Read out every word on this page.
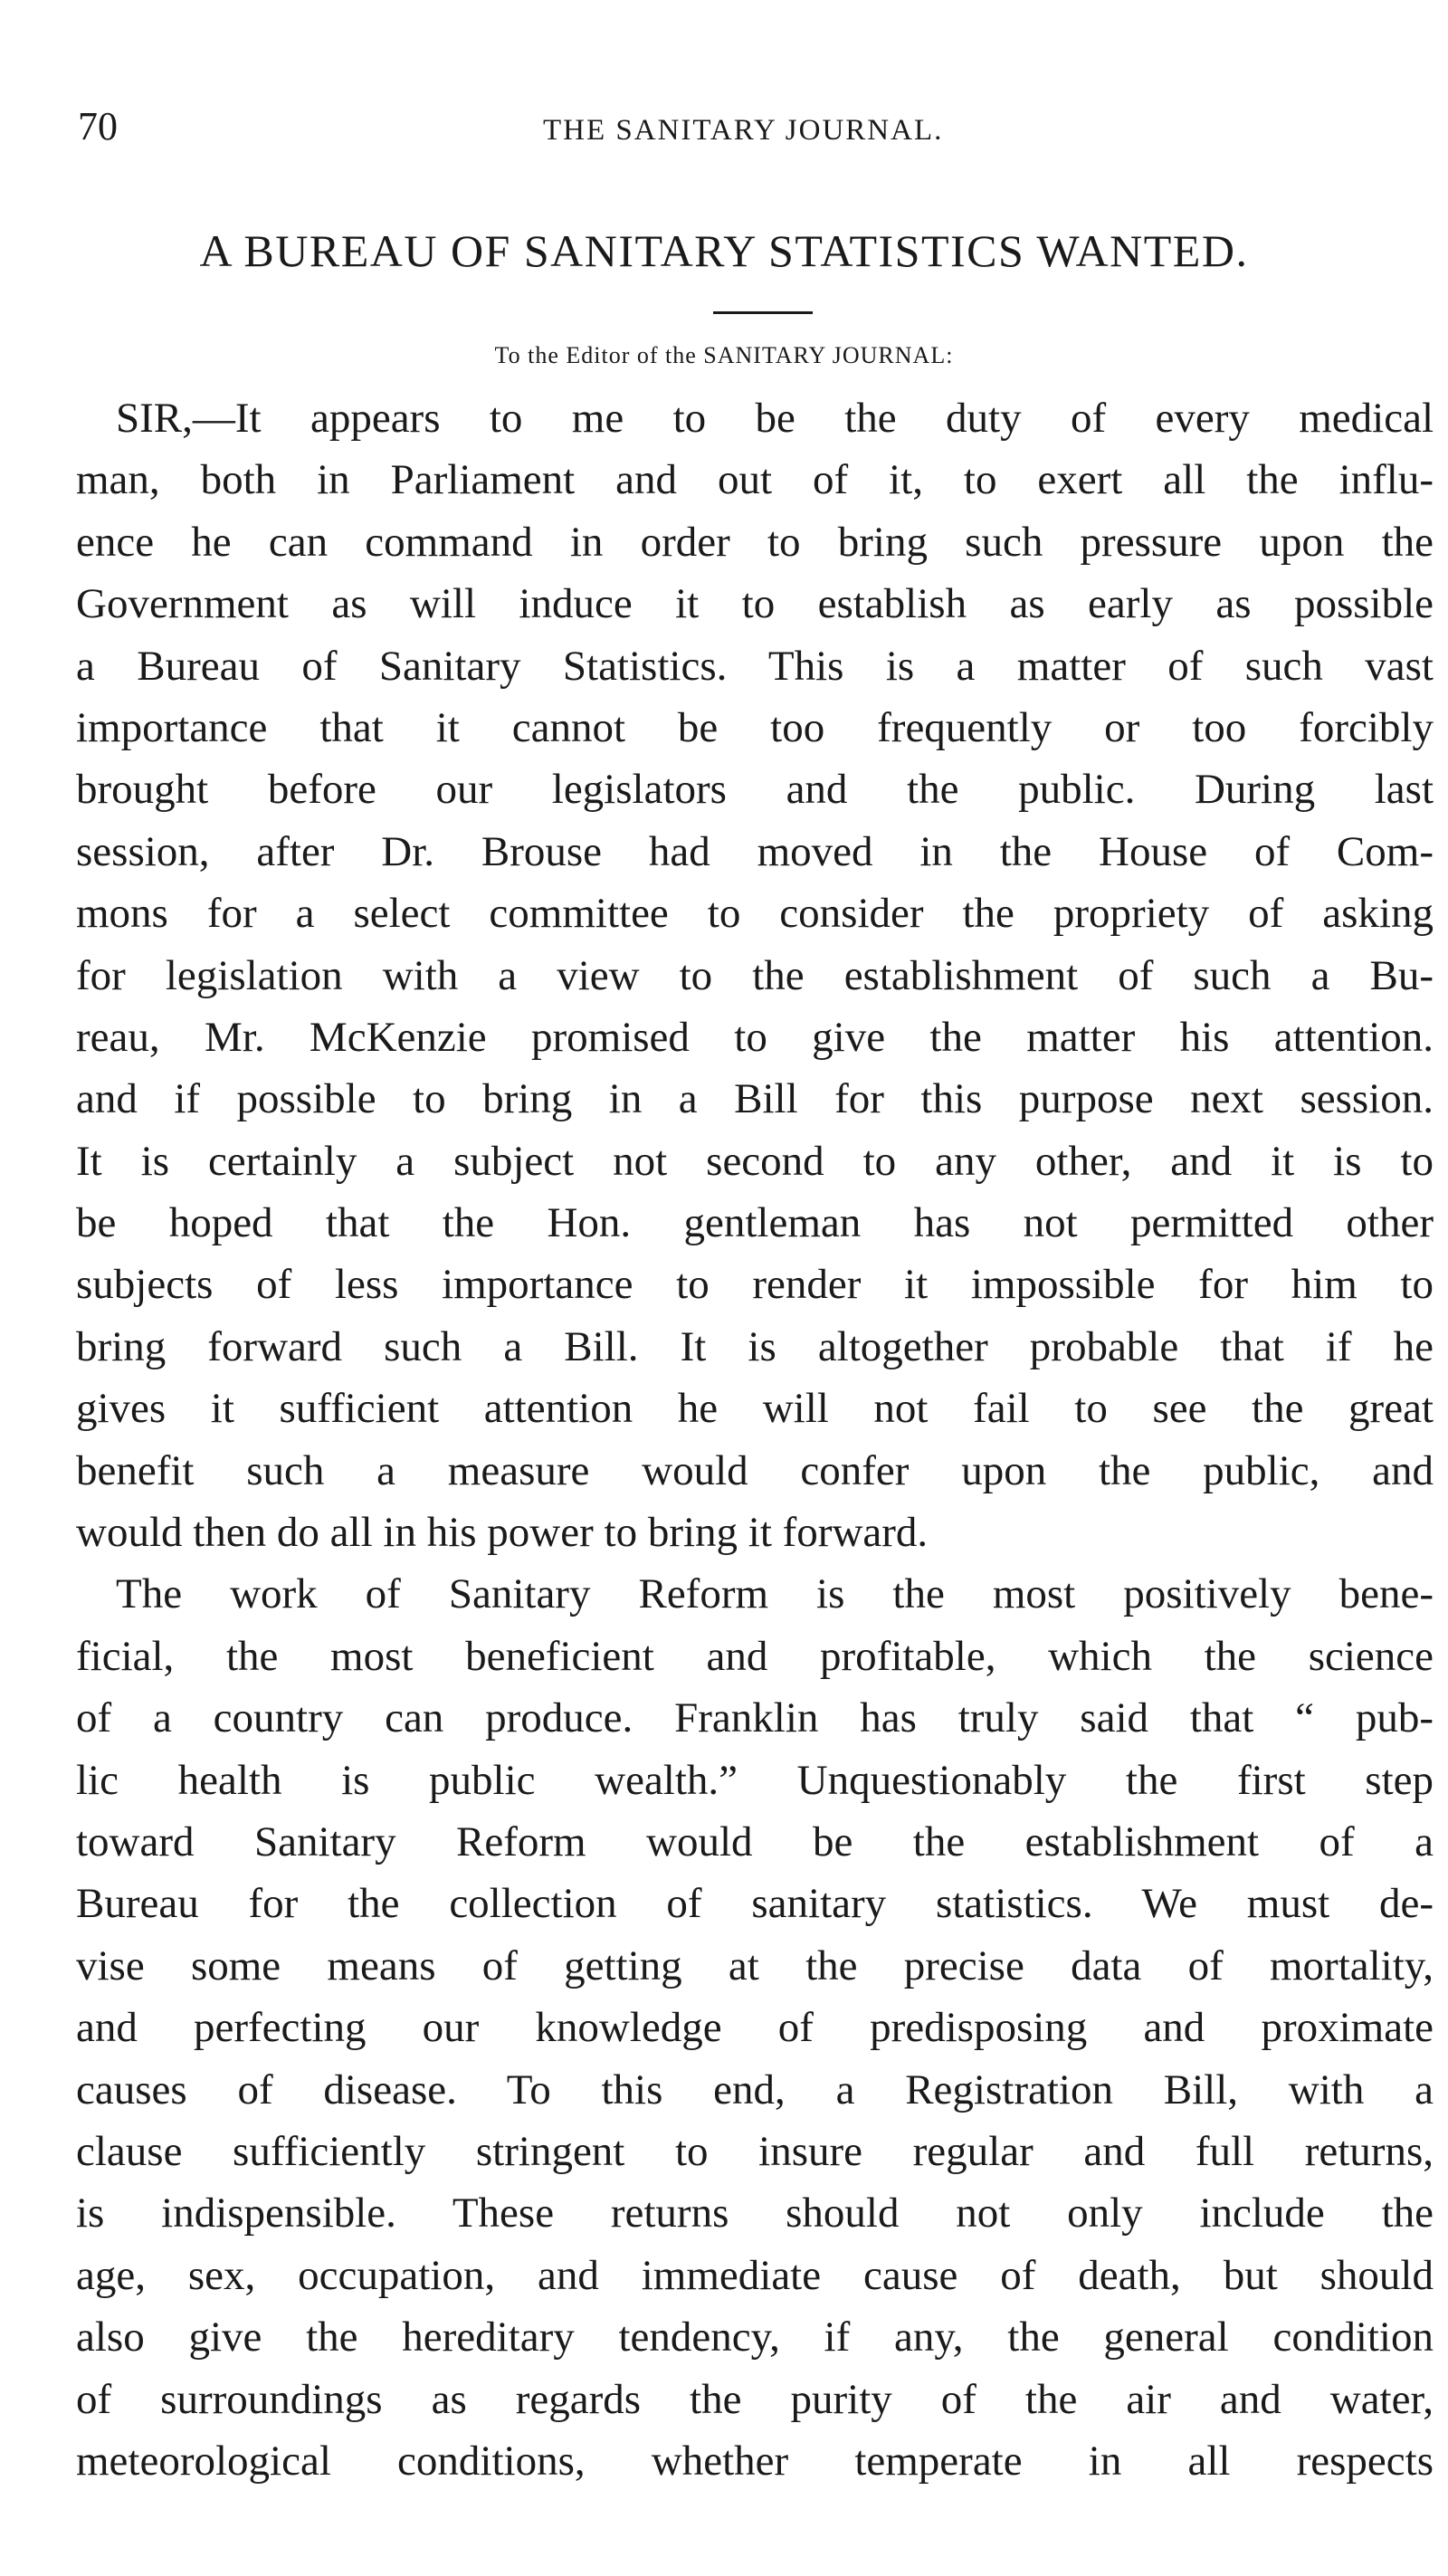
70	THE SANITARY JOURNAL.
A BUREAU OF SANITARY STATISTICS WANTED.
To the Editor of the SANITARY JOURNAL:
SIR,—It appears to me to be the duty of every medical
man, both in Parliament and out of it, to exert all the influ-
ence he can command in order to bring such pressure upon the
Government as will induce it to establish as early as possible
a Bureau of Sanitary Statistics. This is a matter of such vast
importance that it cannot be too frequently or too forcibly
brought before our legislators and the public. During last
session, after Dr. Brouse had moved in the House of Com-
mons for a select committee to consider the propriety of asking
for legislation with a view to the establishment of such a Bu-
reau, Mr. McKenzie promised to give the matter his attention.
and if possible to bring in a Bill for this purpose next session.
It is certainly a subject not second to any other, and it is to
be hoped that the Hon. gentleman has not permitted other
subjects of less importance to render it impossible for him to
bring forward such a Bill. It is altogether probable that if he
gives it sufficient attention he will not fail to see the great
benefit such a measure would confer upon the public, and
would then do all in his power to bring it forward.
The work of Sanitary Reform is the most positively bene-
ficial, the most beneficient and profitable, which the science
of a country can produce. Franklin has truly said that “ pub-
lic health is public wealth.” Unquestionably the first step
toward Sanitary Reform would be the establishment of a
Bureau for the collection of sanitary statistics. We must de-
vise some means of getting at the precise data of mortality,
and perfecting our knowledge of predisposing and proximate
causes of disease. To this end, a Registration Bill, with a
clause sufficiently stringent to insure regular and full returns,
is indispensible. These returns should not only include the
age, sex, occupation, and immediate cause of death, but should
also give the hereditary tendency, if any, the general condition
of surroundings as regards the purity of the air and water,
meteorological conditions, whether temperate in all respects
